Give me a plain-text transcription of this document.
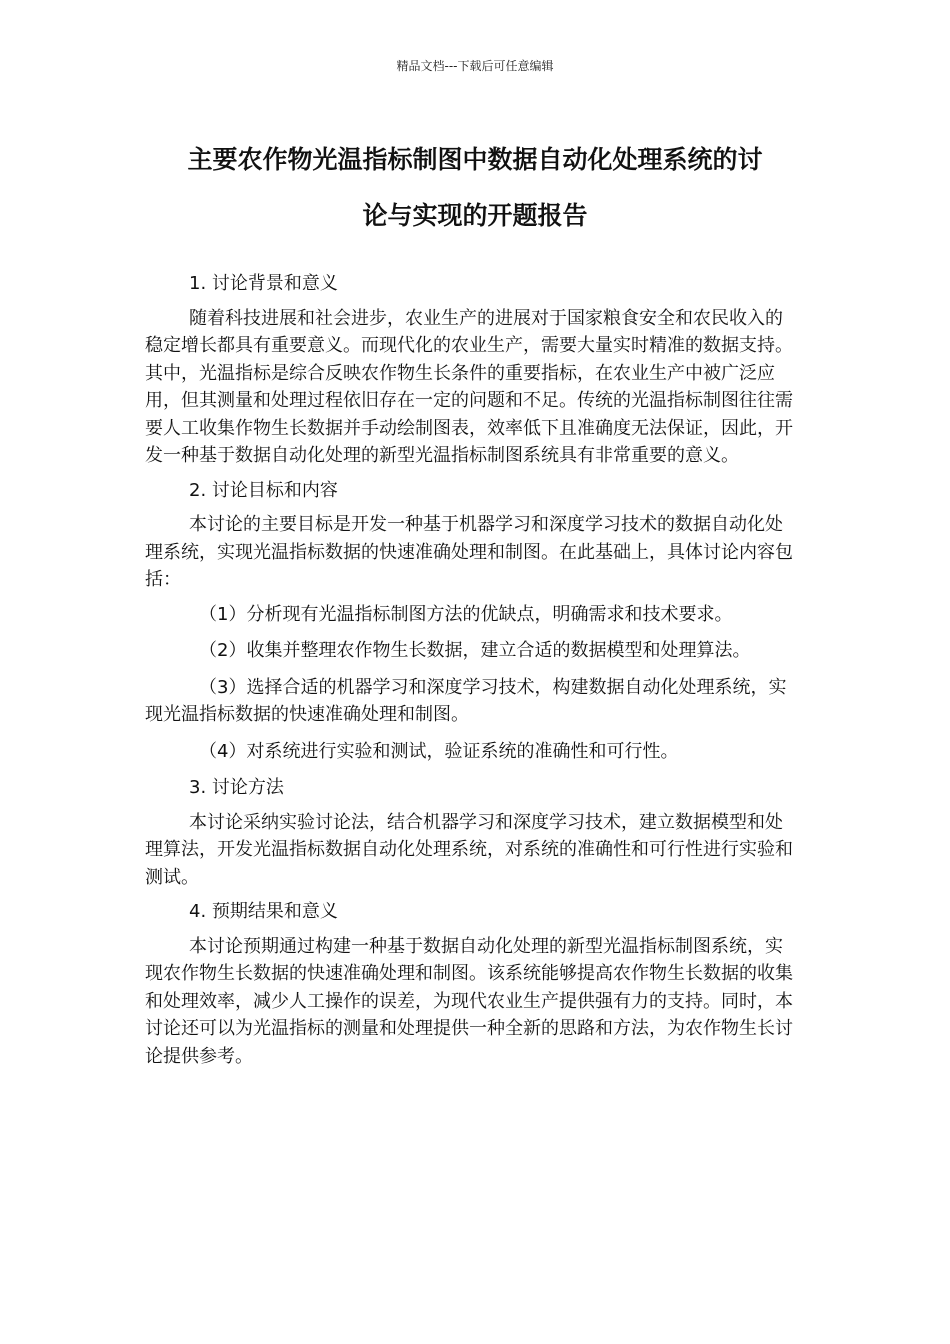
精品文档---下载后可任意编辑
主要农作物光温指标制图中数据自动化处理系统的讨
论与实现的开题报告

1. 讨论背景和意义

随着科技进展和社会进步，农业生产的进展对于国家粮食安全和农民收入的稳定增长都具有重要意义。而现代化的农业生产，需要大量实时精准的数据支持。其中，光温指标是综合反映农作物生长条件的重要指标，在农业生产中被广泛应用，但其测量和处理过程依旧存在一定的问题和不足。传统的光温指标制图往往需要人工收集作物生长数据并手动绘制图表，效率低下且准确度无法保证，因此，开发一种基于数据自动化处理的新型光温指标制图系统具有非常重要的意义。

2. 讨论目标和内容

本讨论的主要目标是开发一种基于机器学习和深度学习技术的数据自动化处理系统，实现光温指标数据的快速准确处理和制图。在此基础上，具体讨论内容包括：

（1）分析现有光温指标制图方法的优缺点，明确需求和技术要求。

（2）收集并整理农作物生长数据，建立合适的数据模型和处理算法。

（3）选择合适的机器学习和深度学习技术，构建数据自动化处理系统，实现光温指标数据的快速准确处理和制图。

（4）对系统进行实验和测试，验证系统的准确性和可行性。

3. 讨论方法

本讨论采纳实验讨论法，结合机器学习和深度学习技术，建立数据模型和处理算法，开发光温指标数据自动化处理系统，对系统的准确性和可行性进行实验和测试。

4. 预期结果和意义

本讨论预期通过构建一种基于数据自动化处理的新型光温指标制图系统，实现农作物生长数据的快速准确处理和制图。该系统能够提高农作物生长数据的收集和处理效率，减少人工操作的误差，为现代农业生产提供强有力的支持。同时，本讨论还可以为光温指标的测量和处理提供一种全新的思路和方法，为农作物生长讨论提供参考。
